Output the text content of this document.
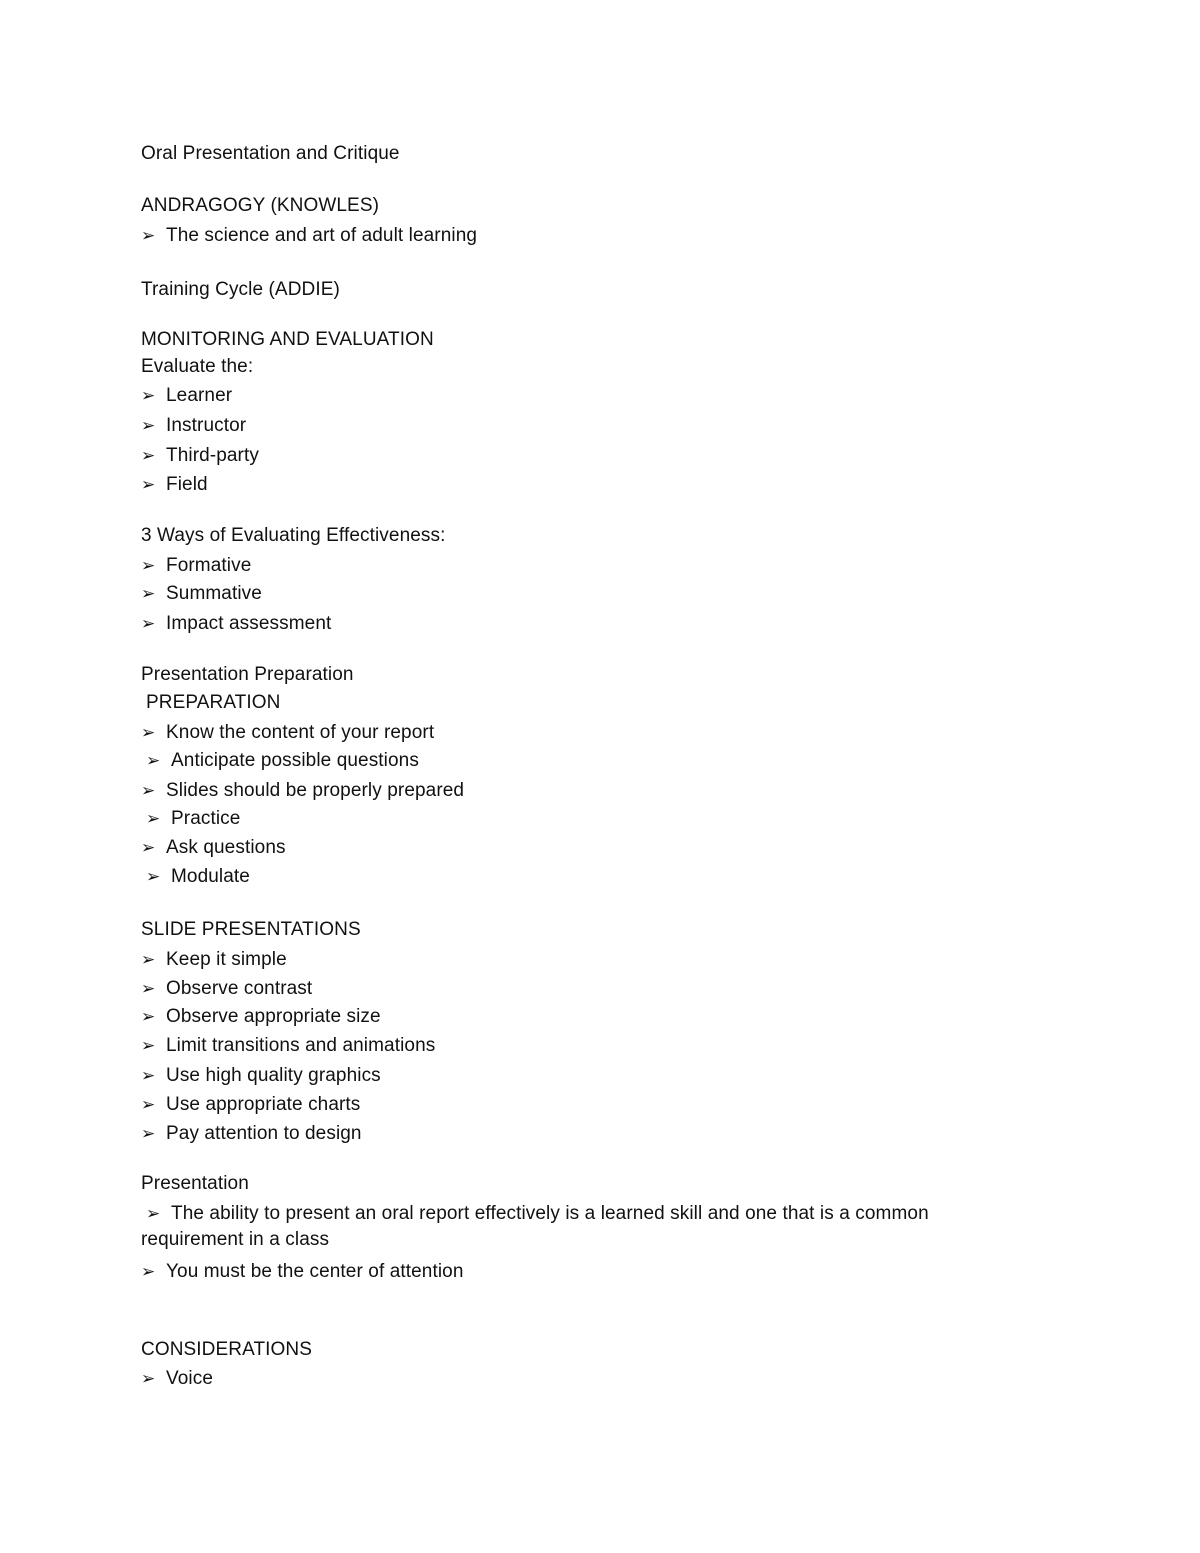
Oral Presentation and Critique
ANDRAGOGY (KNOWLES)
➢ The science and art of adult learning
Training Cycle (ADDIE)
MONITORING AND EVALUATION
Evaluate the:
➢ Learner
➢ Instructor
➢ Third-party
➢ Field
3 Ways of Evaluating Effectiveness:
➢ Formative
➢ Summative
➢ Impact assessment
Presentation Preparation
PREPARATION
➢ Know the content of your report
➢ Anticipate possible questions
➢ Slides should be properly prepared
➢ Practice
➢ Ask questions
➢ Modulate
SLIDE PRESENTATIONS
➢ Keep it simple
➢ Observe contrast
➢ Observe appropriate size
➢ Limit transitions and animations
➢ Use high quality graphics
➢ Use appropriate charts
➢ Pay attention to design
Presentation
➢ The ability to present an oral report effectively is a learned skill and one that is a common
requirement in a class
➢ You must be the center of attention
CONSIDERATIONS
➢ Voice
